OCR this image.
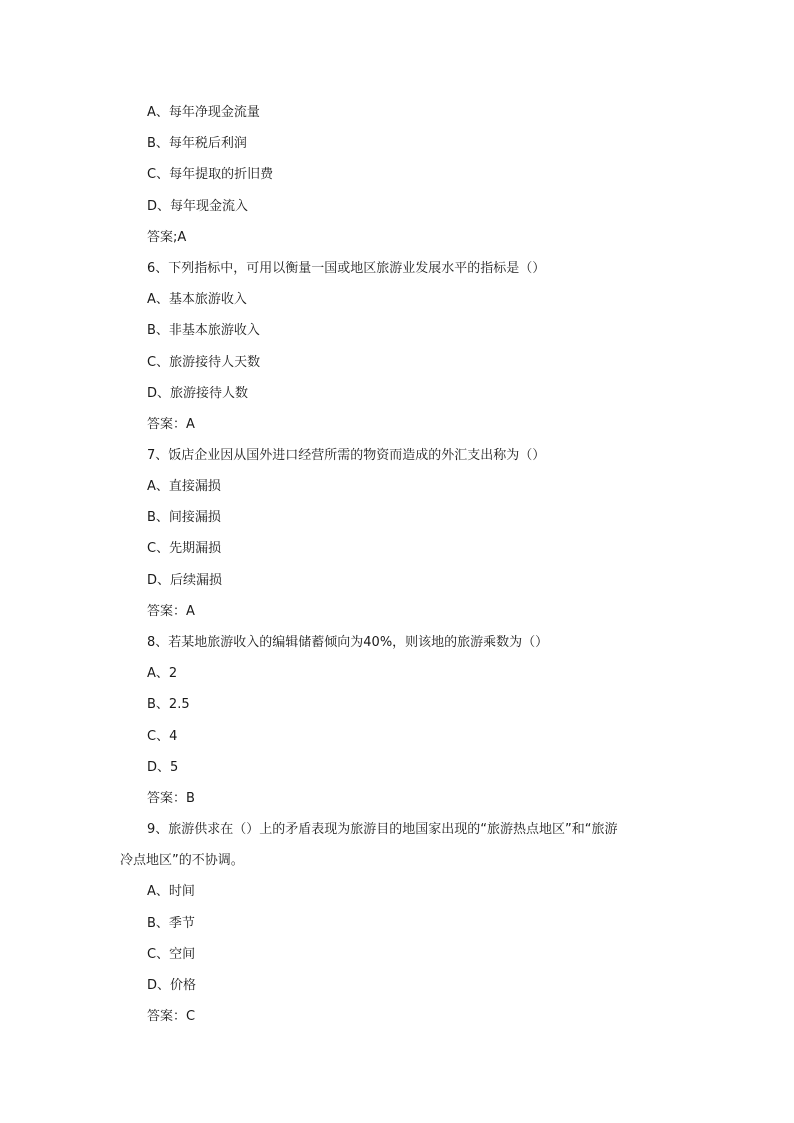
A、每年净现金流量
B、每年税后利润
C、每年提取的折旧费
D、每年现金流入
答案;A
6、下列指标中，可用以衡量一国或地区旅游业发展水平的指标是（）
A、基本旅游收入
B、非基本旅游收入
C、旅游接待人天数
D、旅游接待人数
答案：A
7、饭店企业因从国外进口经营所需的物资而造成的外汇支出称为（）
A、直接漏损
B、间接漏损
C、先期漏损
D、后续漏损
答案：A
8、若某地旅游收入的编辑储蓄倾向为40%，则该地的旅游乘数为（）
A、2
B、2.5
C、4
D、5
答案：B
9、旅游供求在（）上的矛盾表现为旅游目的地国家出现的“旅游热点地区”和“旅游
冷点地区”的不协调。
A、时间
B、季节
C、空间
D、价格
答案：C
